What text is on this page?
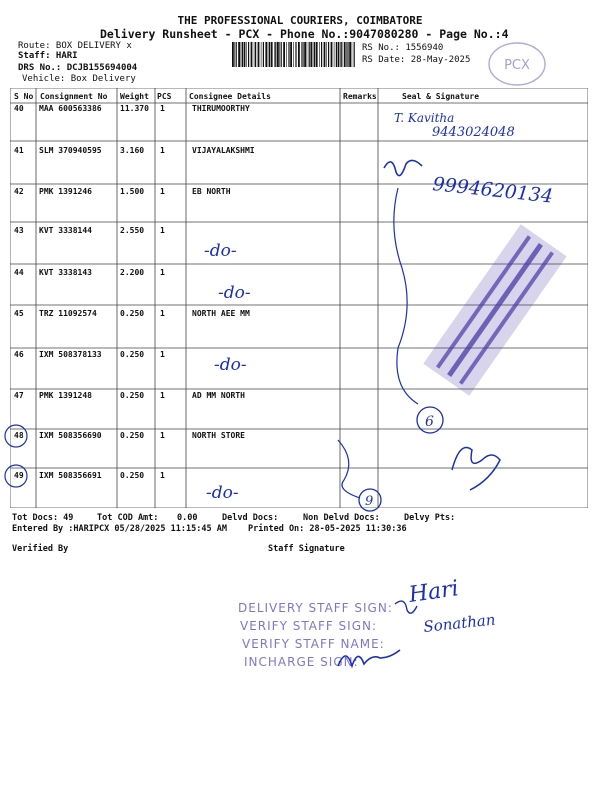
THE PROFESSIONAL COURIERS, COIMBATORE
Delivery Runsheet - PCX - Phone No.:9047080280 - Page No.:4
Route: BOX DELIVERY x
Staff: HARI
DRS No.: DCJB155694004
Vehicle: Box Delivery
RS No.: 1556940
RS Date: 28-May-2025	PCX
S No Consignment No Weight PCS Consignee Details	Remarks	Seal & Signature
40 MAA 600563386 11.370 1	THIRUMOORTHY
41 SLM 370940595 3.160 1	VIJAYALAKSHMI
42 PMK 1391246	1.500 1	EB NORTH
43 KVT 3338144	2.550 1
44 KVT 3338143	2.200 1
45 TRZ 11092574	0.250 1	NORTH AEE MM
46 IXM 508378133 0.250 1
47 PMK 1391248	0.250 1	AD MM NORTH
48 IXM 508356690 0.250 1	NORTH STORE
49 IXM 508356691 0.250 1
Tot Docs: 49	Tot COD Amt: 0.00	Delvd Docs:	Non Delvd Docs:	Delvy Pts:
Entered By :HARIPCX 05/28/2025 11:15:45 AM Printed On: 28-05-2025 11:30:36
Verified By	Staff Signature
DELIVERY STAFF SIGN:
VERIFY STAFF SIGN:
VERIFY STAFF NAME:
INCHARGE SIGN:
T. Kavitha
9443024048
9994620134
-do-
-do-
-do-
-do-
6
9
Hari
Sonathan
